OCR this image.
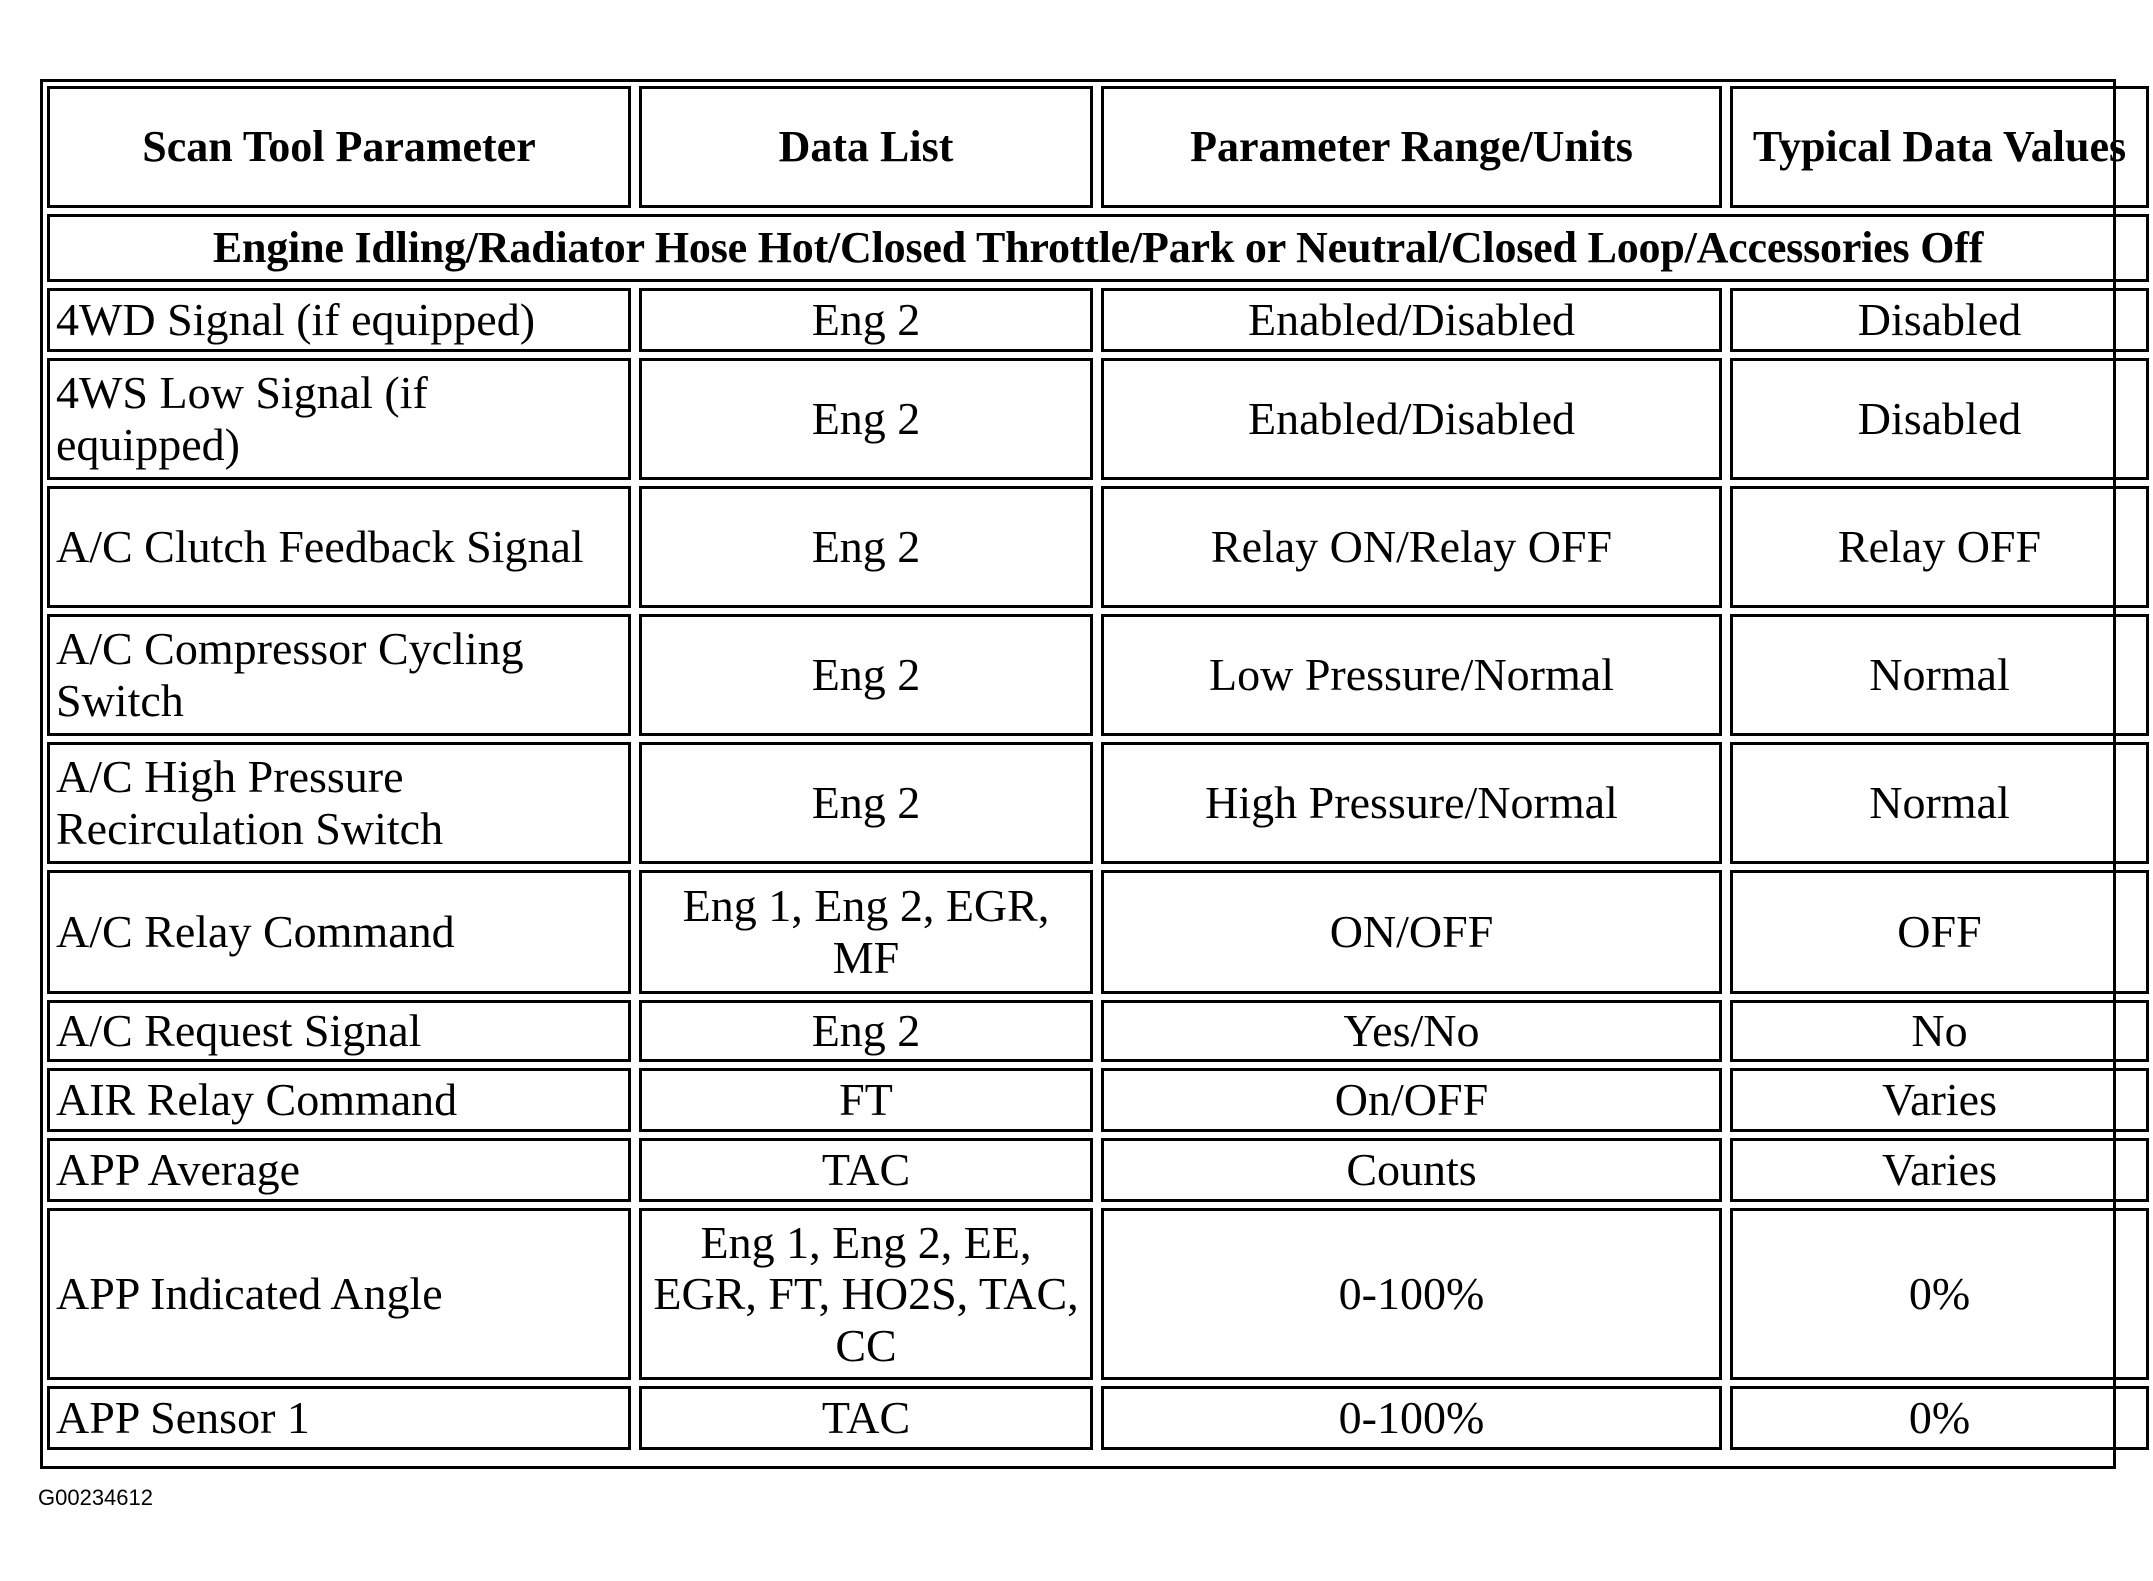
Scan Tool Parameter	Data List	Parameter Range/Units	Typical Data Values
Engine Idling/Radiator Hose Hot/Closed Throttle/Park or Neutral/Closed Loop/Accessories Off			
4WD Signal (if equipped)	Eng 2	Enabled/Disabled	Disabled
4WS Low Signal (if equipped)	Eng 2	Enabled/Disabled	Disabled
A/C Clutch Feedback Signal	Eng 2	Relay ON/Relay OFF	Relay OFF
A/C Compressor Cycling Switch	Eng 2	Low Pressure/Normal	Normal
A/C High Pressure Recirculation Switch	Eng 2	High Pressure/Normal	Normal
A/C Relay Command	Eng 1, Eng 2, EGR, MF	ON/OFF	OFF
A/C Request Signal	Eng 2	Yes/No	No
AIR Relay Command	FT	On/OFF	Varies
APP Average	TAC	Counts	Varies
APP Indicated Angle	Eng 1, Eng 2, EE, EGR, FT, HO2S, TAC, CC	0-100%	0%
APP Sensor 1	TAC	0-100%	0%
G00234612
